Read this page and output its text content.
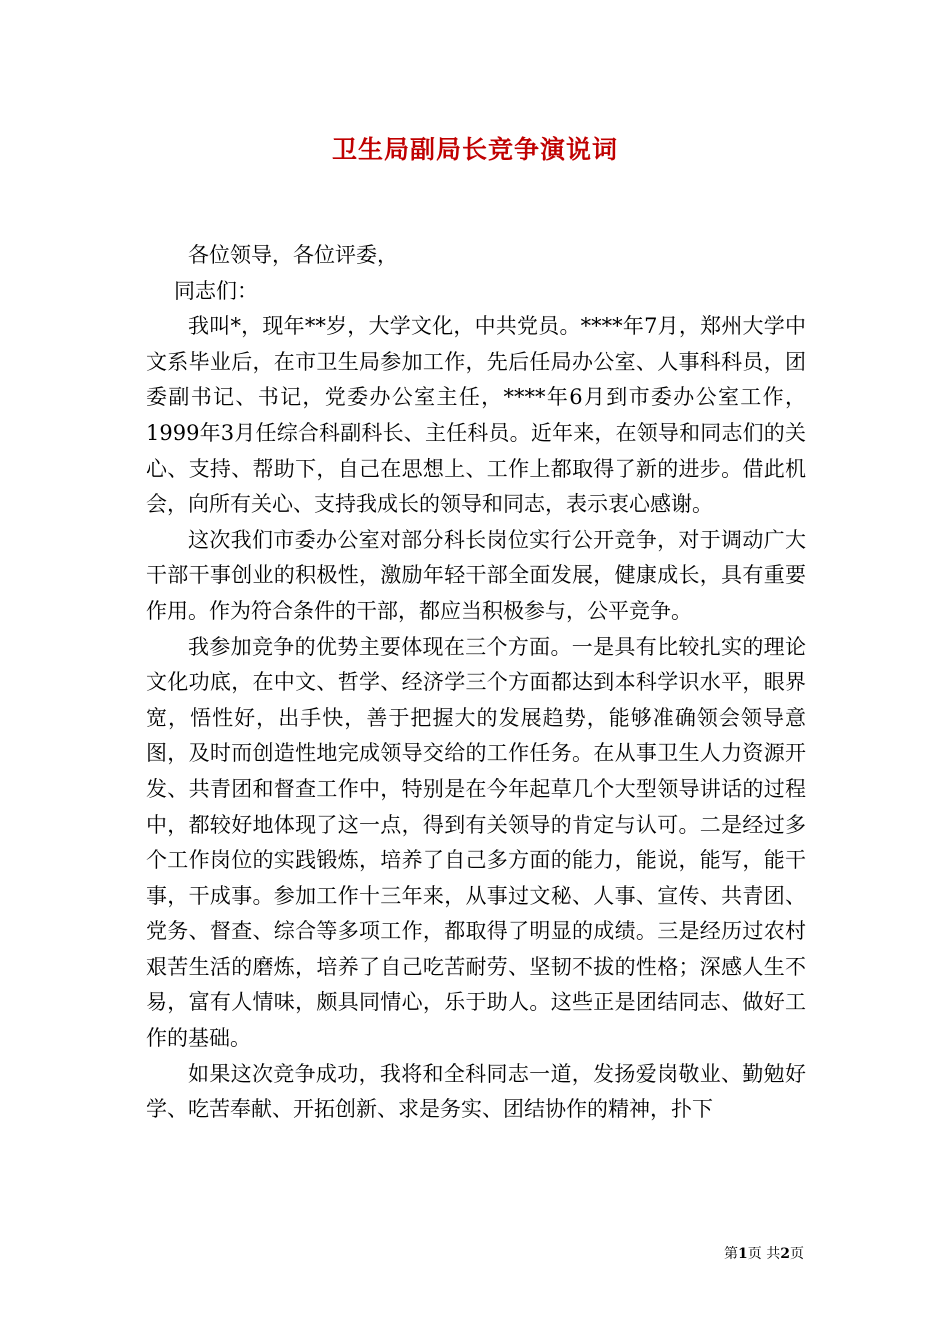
卫生局副局长竞争演说词

各位领导，各位评委，

同志们：

我叫*，现年**岁，大学文化，中共党员。****年7月，郑州大学中文系毕业后，在市卫生局参加工作，先后任局办公室、人事科科员，团委副书记、书记，党委办公室主任，****年6月到市委办公室工作，1999年3月任综合科副科长、主任科员。近年来，在领导和同志们的关心、支持、帮助下，自己在思想上、工作上都取得了新的进步。借此机会，向所有关心、支持我成长的领导和同志，表示衷心感谢。

这次我们市委办公室对部分科长岗位实行公开竞争，对于调动广大干部干事创业的积极性，激励年轻干部全面发展，健康成长，具有重要作用。作为符合条件的干部，都应当积极参与，公平竞争。

我参加竞争的优势主要体现在三个方面。一是具有比较扎实的理论文化功底，在中文、哲学、经济学三个方面都达到本科学识水平，眼界宽，悟性好，出手快，善于把握大的发展趋势，能够准确领会领导意图，及时而创造性地完成领导交给的工作任务。在从事卫生人力资源开发、共青团和督查工作中，特别是在今年起草几个大型领导讲话的过程中，都较好地体现了这一点，得到有关领导的肯定与认可。二是经过多个工作岗位的实践锻炼，培养了自己多方面的能力，能说，能写，能干事，干成事。参加工作十三年来，从事过文秘、人事、宣传、共青团、党务、督查、综合等多项工作，都取得了明显的成绩。三是经历过农村艰苦生活的磨炼，培养了自己吃苦耐劳、坚韧不拔的性格；深感人生不易，富有人情味，颇具同情心，乐于助人。这些正是团结同志、做好工作的基础。

如果这次竞争成功，我将和全科同志一道，发扬爱岗敬业、勤勉好学、吃苦奉献、开拓创新、求是务实、团结协作的精神，扑下

第1页 共2页
